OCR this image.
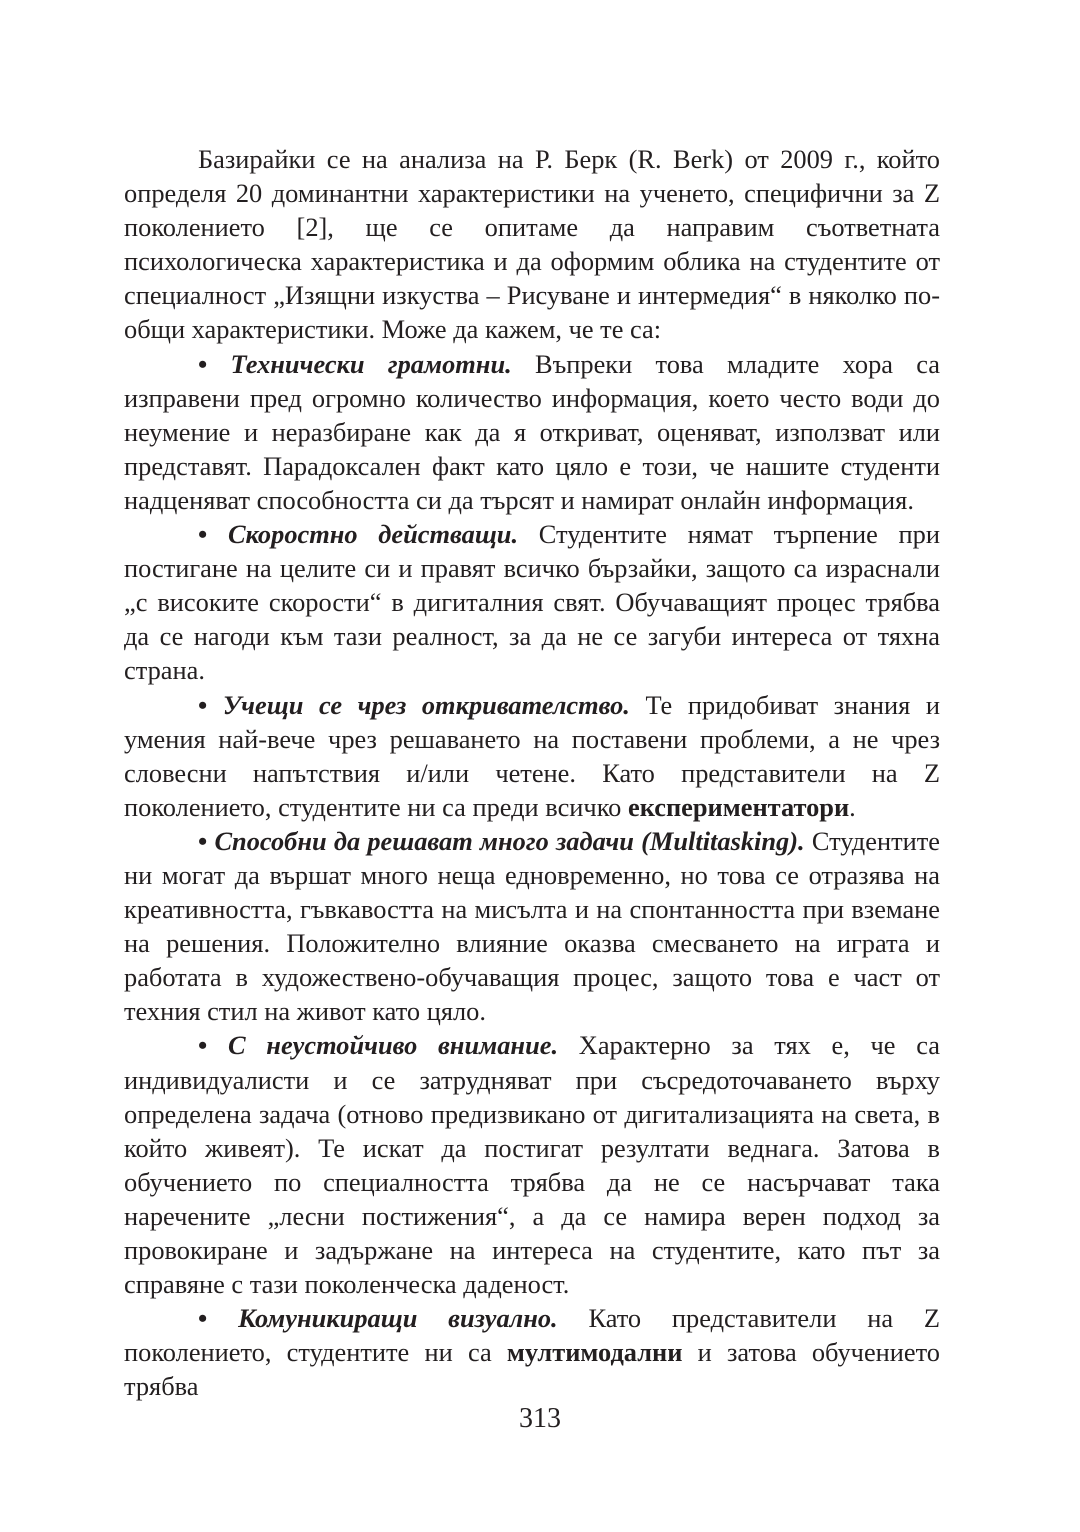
Базирайки се на анализа на Р. Берк (R. Berk) от 2009 г., който определя 20 доминантни характеристики на ученето, специфични за Z поколението [2], ще се опитаме да направим съответната психологическа характеристика и да оформим облика на студентите от специалност „Изящни изкуства – Рисуване и интермедия“ в няколко по-общи характеристики. Може да кажем, че те са:

• Технически грамотни. Въпреки това младите хора са изправени пред огромно количество информация, което често води до неумение и неразбиране как да я откриват, оценяват, използват или представят. Парадоксален факт като цяло е този, че нашите студенти надценяват способността си да търсят и намират онлайн информация.

• Скоростно действащи. Студентите нямат търпение при постигане на целите си и правят всичко бързайки, защото са израснали „с високите скорости“ в дигиталния свят. Обучаващият процес трябва да се нагоди към тази реалност, за да не се загуби интереса от тяхна страна.

• Учещи се чрез откривателство. Те придобиват знания и умения най-вече чрез решаването на поставени проблеми, а не чрез словесни напътствия и/или четене. Като представители на Z поколението, студентите ни са преди всичко експериментатори.

• Способни да решават много задачи (Multitasking). Студентите ни могат да вършат много неща едновременно, но това се отразява на креативността, гъвкавостта на мисълта и на спонтанността при вземане на решения. Положително влияние оказва смесването на играта и работата в художествено-обучаващия процес, защото това е част от техния стил на живот като цяло.

• С неустойчиво внимание. Характерно за тях е, че са индивидуалисти и се затрудняват при съсредоточаването върху определена задача (отново предизвикано от дигитализацията на света, в който живеят). Те искат да постигат резултати веднага. Затова в обучението по специалността трябва да не се насърчават така наречените „лесни постижения“, а да се намира верен подход за провокиране и задържане на интереса на студентите, като път за справяне с тази поколенческа даденост.

• Комуникиращи визуално. Като представители на Z поколението, студентите ни са мултимодални и затова обучението трябва

313
